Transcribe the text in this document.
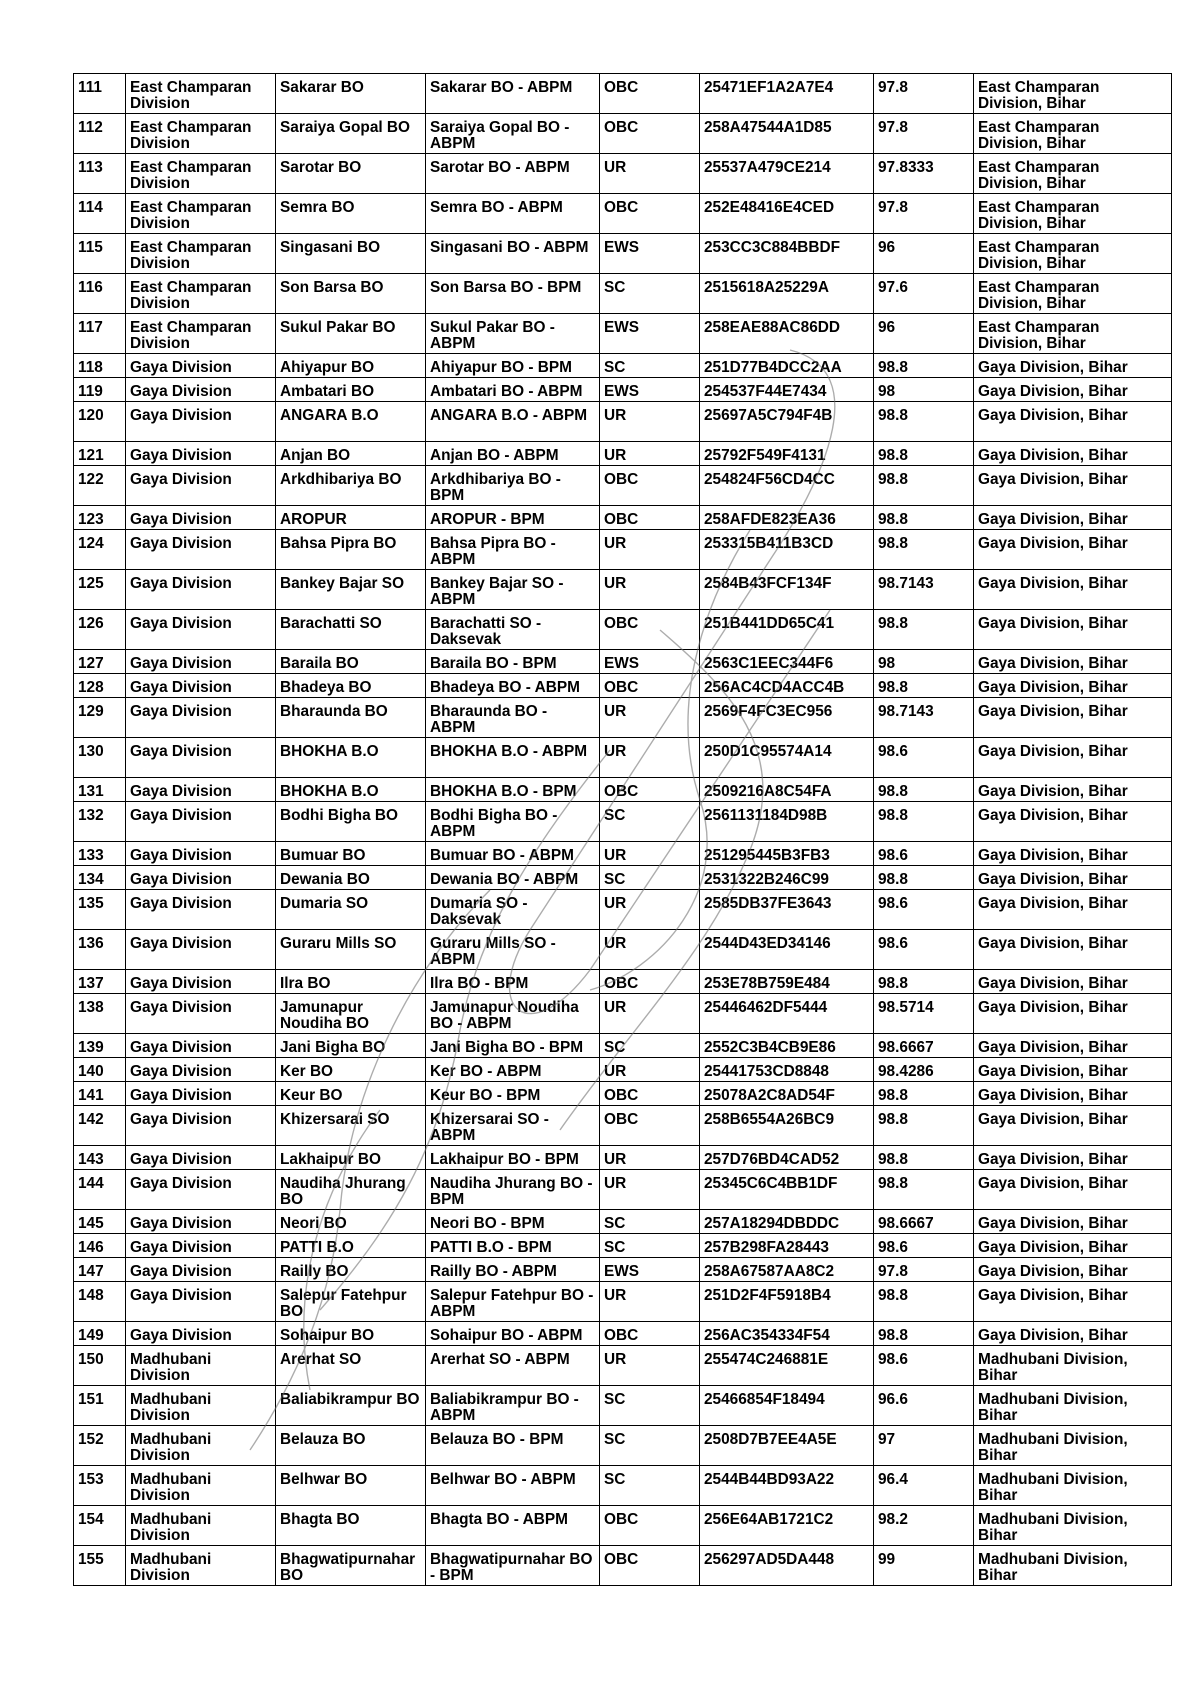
111	East Champaran Division	Sakarar BO	Sakarar BO - ABPM	OBC	25471EF1A2A7E4	97.8	East Champaran Division, Bihar
112	East Champaran Division	Saraiya Gopal BO	Saraiya Gopal BO - ABPM	OBC	258A47544A1D85	97.8	East Champaran Division, Bihar
113	East Champaran Division	Sarotar BO	Sarotar BO - ABPM	UR	25537A479CE214	97.8333	East Champaran Division, Bihar
114	East Champaran Division	Semra BO	Semra BO - ABPM	OBC	252E48416E4CED	97.8	East Champaran Division, Bihar
115	East Champaran Division	Singasani BO	Singasani BO - ABPM	EWS	253CC3C884BBDF	96	East Champaran Division, Bihar
116	East Champaran Division	Son Barsa BO	Son Barsa BO - BPM	SC	2515618A25229A	97.6	East Champaran Division, Bihar
117	East Champaran Division	Sukul Pakar BO	Sukul Pakar BO - ABPM	EWS	258EAE88AC86DD	96	East Champaran Division, Bihar
118	Gaya Division	Ahiyapur BO	Ahiyapur BO - BPM	SC	251D77B4DCC2AA	98.8	Gaya Division, Bihar
119	Gaya Division	Ambatari BO	Ambatari BO - ABPM	EWS	254537F44E7434	98	Gaya Division, Bihar
120	Gaya Division	ANGARA B.O	ANGARA B.O - ABPM	UR	25697A5C794F4B	98.8	Gaya Division, Bihar
121	Gaya Division	Anjan BO	Anjan BO - ABPM	UR	25792F549F4131	98.8	Gaya Division, Bihar
122	Gaya Division	Arkdhibariya BO	Arkdhibariya BO - BPM	OBC	254824F56CD4CC	98.8	Gaya Division, Bihar
123	Gaya Division	AROPUR	AROPUR - BPM	OBC	258AFDE823EA36	98.8	Gaya Division, Bihar
124	Gaya Division	Bahsa Pipra BO	Bahsa Pipra BO - ABPM	UR	253315B411B3CD	98.8	Gaya Division, Bihar
125	Gaya Division	Bankey Bajar SO	Bankey Bajar SO - ABPM	UR	2584B43FCF134F	98.7143	Gaya Division, Bihar
126	Gaya Division	Barachatti SO	Barachatti SO - Daksevak	OBC	251B441DD65C41	98.8	Gaya Division, Bihar
127	Gaya Division	Baraila BO	Baraila BO - BPM	EWS	2563C1EEC344F6	98	Gaya Division, Bihar
128	Gaya Division	Bhadeya BO	Bhadeya BO - ABPM	OBC	256AC4CD4ACC4B	98.8	Gaya Division, Bihar
129	Gaya Division	Bharaunda BO	Bharaunda BO - ABPM	UR	2569F4FC3EC956	98.7143	Gaya Division, Bihar
130	Gaya Division	BHOKHA B.O	BHOKHA B.O - ABPM	UR	250D1C95574A14	98.6	Gaya Division, Bihar
131	Gaya Division	BHOKHA B.O	BHOKHA B.O - BPM	OBC	2509216A8C54FA	98.8	Gaya Division, Bihar
132	Gaya Division	Bodhi Bigha BO	Bodhi Bigha BO - ABPM	SC	2561131184D98B	98.8	Gaya Division, Bihar
133	Gaya Division	Bumuar BO	Bumuar BO - ABPM	UR	251295445B3FB3	98.6	Gaya Division, Bihar
134	Gaya Division	Dewania BO	Dewania BO - ABPM	SC	2531322B246C99	98.8	Gaya Division, Bihar
135	Gaya Division	Dumaria SO	Dumaria SO - Daksevak	UR	2585DB37FE3643	98.6	Gaya Division, Bihar
136	Gaya Division	Guraru Mills SO	Guraru Mills SO - ABPM	UR	2544D43ED34146	98.6	Gaya Division, Bihar
137	Gaya Division	Ilra BO	Ilra BO - BPM	OBC	253E78B759E484	98.8	Gaya Division, Bihar
138	Gaya Division	Jamunapur Noudiha BO	Jamunapur Noudiha BO - ABPM	UR	25446462DF5444	98.5714	Gaya Division, Bihar
139	Gaya Division	Jani Bigha BO	Jani Bigha BO - BPM	SC	2552C3B4CB9E86	98.6667	Gaya Division, Bihar
140	Gaya Division	Ker BO	Ker BO - ABPM	UR	25441753CD8848	98.4286	Gaya Division, Bihar
141	Gaya Division	Keur BO	Keur BO - BPM	OBC	25078A2C8AD54F	98.8	Gaya Division, Bihar
142	Gaya Division	Khizersarai SO	Khizersarai SO - ABPM	OBC	258B6554A26BC9	98.8	Gaya Division, Bihar
143	Gaya Division	Lakhaipur BO	Lakhaipur BO - BPM	UR	257D76BD4CAD52	98.8	Gaya Division, Bihar
144	Gaya Division	Naudiha Jhurang BO	Naudiha Jhurang BO - BPM	UR	25345C6C4BB1DF	98.8	Gaya Division, Bihar
145	Gaya Division	Neori BO	Neori BO - BPM	SC	257A18294DBDDC	98.6667	Gaya Division, Bihar
146	Gaya Division	PATTI B.O	PATTI B.O - BPM	SC	257B298FA28443	98.6	Gaya Division, Bihar
147	Gaya Division	Railly BO	Railly BO - ABPM	EWS	258A67587AA8C2	97.8	Gaya Division, Bihar
148	Gaya Division	Salepur Fatehpur BO	Salepur Fatehpur BO - ABPM	UR	251D2F4F5918B4	98.8	Gaya Division, Bihar
149	Gaya Division	Sohaipur BO	Sohaipur BO - ABPM	OBC	256AC354334F54	98.8	Gaya Division, Bihar
150	Madhubani Division	Arerhat SO	Arerhat SO - ABPM	UR	255474C246881E	98.6	Madhubani Division, Bihar
151	Madhubani Division	Baliabikrampur BO	Baliabikrampur BO - ABPM	SC	25466854F18494	96.6	Madhubani Division, Bihar
152	Madhubani Division	Belauza BO	Belauza BO - BPM	SC	2508D7B7EE4A5E	97	Madhubani Division, Bihar
153	Madhubani Division	Belhwar BO	Belhwar BO - ABPM	SC	2544B44BD93A22	96.4	Madhubani Division, Bihar
154	Madhubani Division	Bhagta BO	Bhagta BO - ABPM	OBC	256E64AB1721C2	98.2	Madhubani Division, Bihar
155	Madhubani Division	Bhagwatipurnahar BO	Bhagwatipurnahar BO - BPM	OBC	256297AD5DA448	99	Madhubani Division, Bihar
